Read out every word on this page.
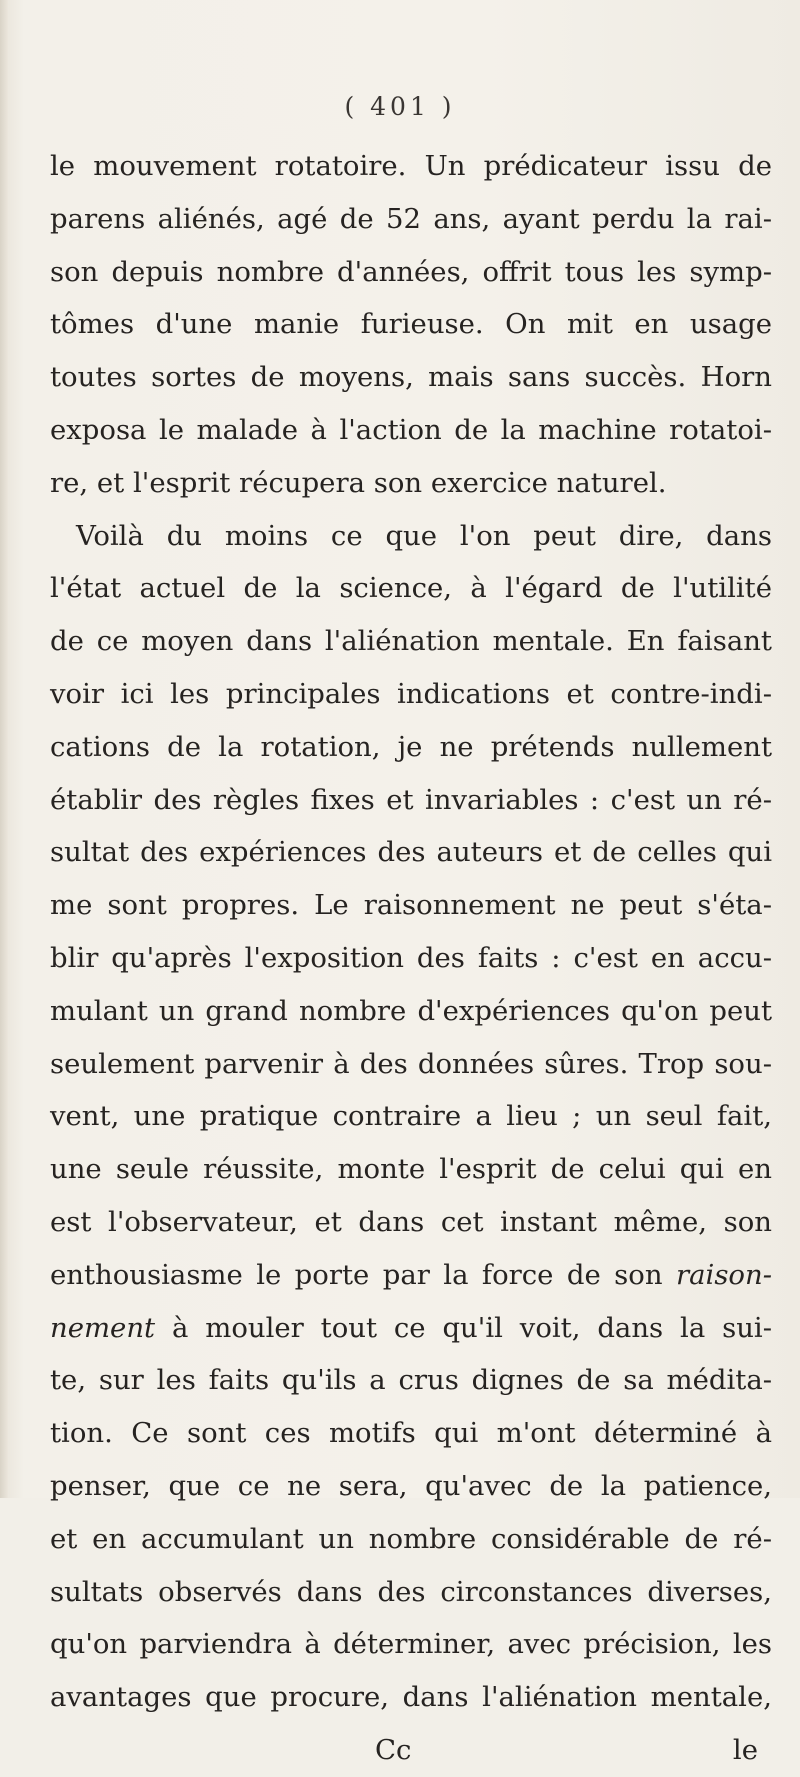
( 401 )
le mouvement rotatoire. Un prédicateur issu de
parens aliénés, agé de 52 ans, ayant perdu la rai-
son depuis nombre d'années, offrit tous les symp-
tômes d'une manie furieuse. On mit en usage
toutes sortes de moyens, mais sans succès. Horn
exposa le malade à l'action de la machine rotatoi-
re, et l'esprit récupera son exercice naturel.
Voilà du moins ce que l'on peut dire, dans
l'état actuel de la science, à l'égard de l'utilité
de ce moyen dans l'aliénation mentale. En faisant
voir ici les principales indications et contre-indi-
cations de la rotation, je ne prétends nullement
établir des règles fixes et invariables : c'est un ré-
sultat des expériences des auteurs et de celles qui
me sont propres. Le raisonnement ne peut s'éta-
blir qu'après l'exposition des faits : c'est en accu-
mulant un grand nombre d'expériences qu'on peut
seulement parvenir à des données sûres. Trop sou-
vent, une pratique contraire a lieu ; un seul fait,
une seule réussite, monte l'esprit de celui qui en
est l'observateur, et dans cet instant même, son
enthousiasme le porte par la force de son raison-
nement à mouler tout ce qu'il voit, dans la sui-
te, sur les faits qu'ils a crus dignes de sa médita-
tion. Ce sont ces motifs qui m'ont déterminé à
penser, que ce ne sera, qu'avec de la patience,
et en accumulant un nombre considérable de ré-
sultats observés dans des circonstances diverses,
qu'on parviendra à déterminer, avec précision, les
avantages que procure, dans l'aliénation mentale,
Cc	le
